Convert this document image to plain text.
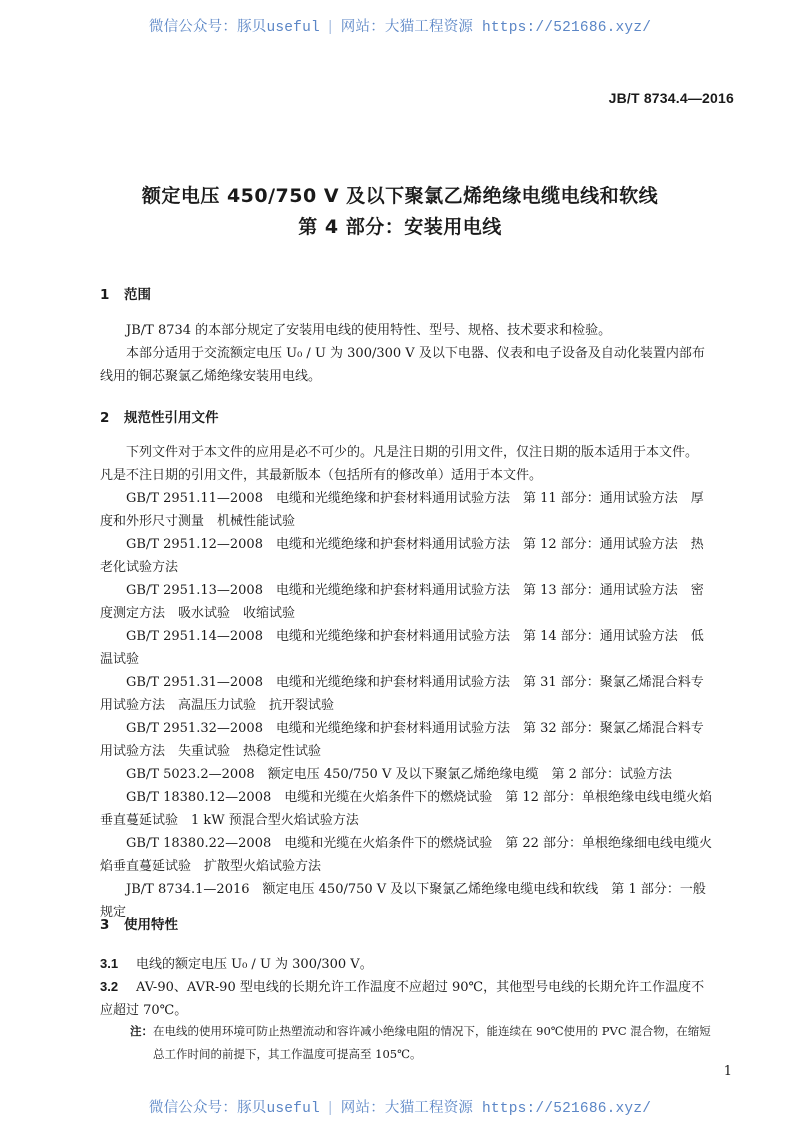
微信公众号：豚贝useful | 网站：大猫工程资源 https://521686.xyz/
JB/T 8734.4—2016
额定电压 450/750 V 及以下聚氯乙烯绝缘电缆电线和软线
第 4 部分：安装用电线
1 范围
JB/T 8734 的本部分规定了安装用电线的使用特性、型号、规格、技术要求和检验。
本部分适用于交流额定电压 U₀ / U 为 300/300 V 及以下电器、仪表和电子设备及自动化装置内部布
线用的铜芯聚氯乙烯绝缘安装用电线。
2 规范性引用文件
下列文件对于本文件的应用是必不可少的。凡是注日期的引用文件，仅注日期的版本适用于本文件。
凡是不注日期的引用文件，其最新版本（包括所有的修改单）适用于本文件。
GB/T 2951.11—2008　电缆和光缆绝缘和护套材料通用试验方法　第 11 部分：通用试验方法　厚
度和外形尺寸测量　机械性能试验
GB/T 2951.12—2008　电缆和光缆绝缘和护套材料通用试验方法　第 12 部分：通用试验方法　热
老化试验方法
GB/T 2951.13—2008　电缆和光缆绝缘和护套材料通用试验方法　第 13 部分：通用试验方法　密
度测定方法　吸水试验　收缩试验
GB/T 2951.14—2008　电缆和光缆绝缘和护套材料通用试验方法　第 14 部分：通用试验方法　低
温试验
GB/T 2951.31—2008　电缆和光缆绝缘和护套材料通用试验方法　第 31 部分：聚氯乙烯混合料专
用试验方法　高温压力试验　抗开裂试验
GB/T 2951.32—2008　电缆和光缆绝缘和护套材料通用试验方法　第 32 部分：聚氯乙烯混合料专
用试验方法　失重试验　热稳定性试验
GB/T 5023.2—2008　额定电压 450/750 V 及以下聚氯乙烯绝缘电缆　第 2 部分：试验方法
GB/T 18380.12—2008　电缆和光缆在火焰条件下的燃烧试验　第 12 部分：单根绝缘电线电缆火焰
垂直蔓延试验　1 kW 预混合型火焰试验方法
GB/T 18380.22—2008　电缆和光缆在火焰条件下的燃烧试验　第 22 部分：单根绝缘细电线电缆火
焰垂直蔓延试验　扩散型火焰试验方法
JB/T 8734.1—2016　额定电压 450/750 V 及以下聚氯乙烯绝缘电缆电线和软线　第 1 部分：一般
规定
3 使用特性
3.1 电线的额定电压 U₀ / U 为 300/300 V。
3.2 AV-90、AVR-90 型电线的长期允许工作温度不应超过 90℃，其他型号电线的长期允许工作温度不
应超过 70℃。
注：在电线的使用环境可防止热塑流动和容许减小绝缘电阻的情况下，能连续在 90℃使用的 PVC 混合物，在缩短
总工作时间的前提下，其工作温度可提高至 105℃。
1
微信公众号：豚贝useful | 网站：大猫工程资源 https://521686.xyz/
